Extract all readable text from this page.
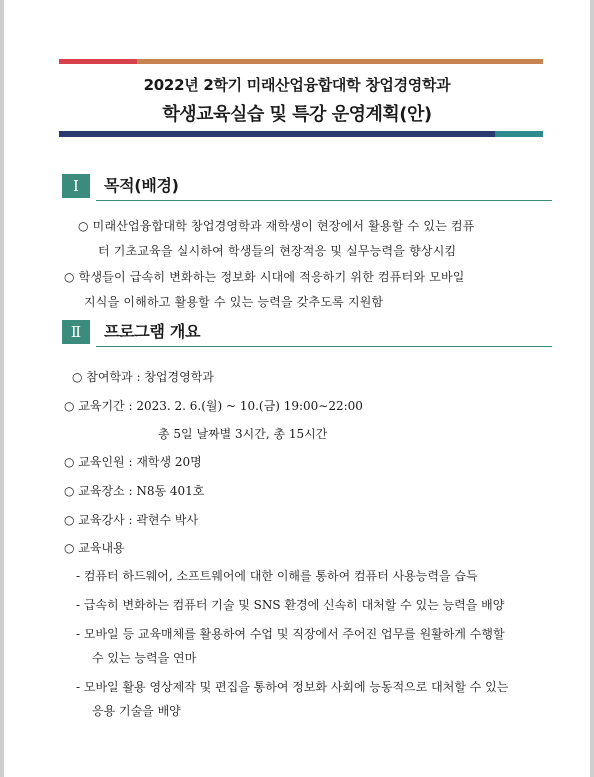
2022년 2학기 미래산업융합대학 창업경영학과
학생교육실습 및 특강 운영계획(안)
Ⅰ	목적(배경)
○ 미래산업융합대학 창업경영학과 재학생이 현장에서 활용할 수 있는 컴퓨
터 기초교육을 실시하여 학생들의 현장적응 및 실무능력을 향상시킴
○ 학생들이 급속히 변화하는 정보화 시대에 적응하기 위한 컴퓨터와 모바일
지식을 이해하고 활용할 수 있는 능력을 갖추도록 지원함
Ⅱ	프로그램 개요
○ 참여학과 : 창업경영학과
○ 교육기간 : 2023. 2. 6.(월) ~ 10.(금) 19:00∼22:00
총 5일 날짜별 3시간, 총 15시간
○ 교육인원 : 재학생 20명
○ 교육장소 : N8동 401호
○ 교육강사 : 곽현수 박사
○ 교육내용
- 컴퓨터 하드웨어, 소프트웨어에 대한 이해를 통하여 컴퓨터 사용능력을 습득
- 급속히 변화하는 컴퓨터 기술 및 SNS 환경에 신속히 대처할 수 있는 능력을 배양
- 모바일 등 교육매체를 활용하여 수업 및 직장에서 주어진 업무를 원활하게 수행할
수 있는 능력을 연마
- 모바일 활용 영상제작 및 편집을 통하여 정보화 사회에 능동적으로 대처할 수 있는
응용 기술을 배양
